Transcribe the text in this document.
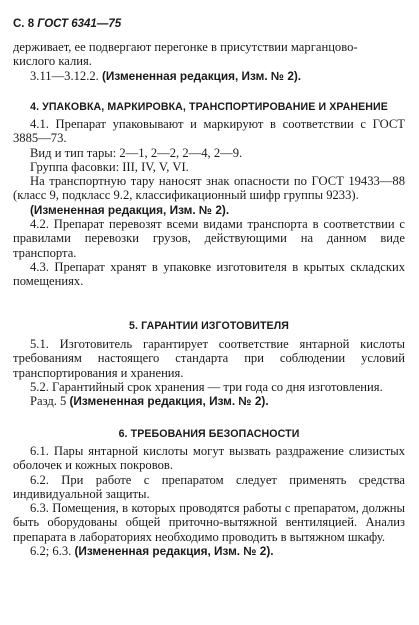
С. 8 ГОСТ 6341—75

держивает, ее подвергают перегонке в присутствии марганцово-

кислого калия.

3.11—3.12.2. (Измененная редакция, Изм. № 2).

4. УПАКОВКА, МАРКИРОВКА, ТРАНСПОРТИРОВАНИЕ И ХРАНЕНИЕ

4.1. Препарат упаковывают и маркируют в соответствии с ГОСТ 3885—73.

Вид и тип тары: 2—1, 2—2, 2—4, 2—9.

Группа фасовки: III, IV, V, VI.

На транспортную тару наносят знак опасности по ГОСТ 19433—88 (класс 9, подкласс 9.2, классификационный шифр группы 9233).

(Измененная редакция, Изм. № 2).

4.2. Препарат перевозят всеми видами транспорта в соответствии с правилами перевозки грузов, действующими на данном виде транспорта.

4.3. Препарат хранят в упаковке изготовителя в крытых складских помещениях.

5. ГАРАНТИИ ИЗГОТОВИТЕЛЯ

5.1. Изготовитель гарантирует соответствие янтарной кислоты требованиям настоящего стандарта при соблюдении условий транспортирования и хранения.

5.2. Гарантийный срок хранения — три года со дня изготовления.

Разд. 5 (Измененная редакция, Изм. № 2).

6. ТРЕБОВАНИЯ БЕЗОПАСНОСТИ

6.1. Пары янтарной кислоты могут вызвать раздражение слизистых оболочек и кожных покровов.

6.2. При работе с препаратом следует применять средства индивидуальной защиты.

6.3. Помещения, в которых проводятся работы с препаратом, должны быть оборудованы общей приточно-вытяжной вентиляцией. Анализ препарата в лабораториях необходимо проводить в вытяжном шкафу.

6.2; 6.3. (Измененная редакция, Изм. № 2).
